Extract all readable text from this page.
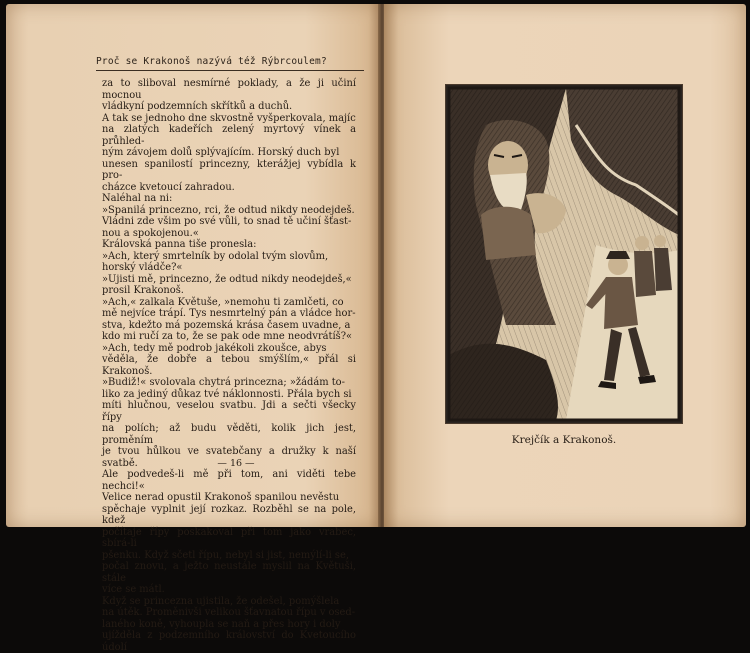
Proč se Krakonoš nazývá též Rýbrcoulem?

za to sliboval nesmírné poklady, a že ji učiní mocnou

vládkyní podzemních skřítků a duchů.

A tak se jednoho dne skvostně vyšperkovala, majíc

na zlatých kadeřích zelený myrtový vínek a průhled-

ným závojem dolů splývajícím. Horský duch byl

unesen spanilostí princezny, kterážjej vybídla k pro-

cházce kvetoucí zahradou.

Naléhal na ni:

»Spanilá princezno, rci, že odtud nikdy neodejdeš.

Vládni zde všim po své vůli, to snad tě učiní šťast-

nou a spokojenou.«

Královská panna tiše pronesla:

»Ach, který smrtelník by odolal tvým slovům,

horský vládče?«

»Ujisti mě, princezno, že odtud nikdy neodejdeš,«

prosil Krakonoš.

»Ach,« zalkala Květuše, »nemohu ti zamlčeti, co

mě nejvíce trápí. Tys nesmrtelný pán a vládce hor-

stva, kdežto má pozemská krása časem uvadne, a

kdo mi ručí za to, že se pak ode mne neodvrátíš?«

»Ach, tedy mě podrob jakékoli zkoušce, abys

věděla, že dobře a tebou smýšlím,« přál si Krakonoš.

»Budiž!« svolovala chytrá princezna; »žádám to-

liko za jediný důkaz tvé náklonnosti. Přála bych si

míti hlučnou, veselou svatbu. Jdi a sečti všecky řípy

na polích; až budu věděti, kolik jich jest, proměním

je tvou hůlkou ve svatebčany a družky k naší svatbě.

Ale podvedeš-li mě při tom, ani viděti tebe nechci!«

Velice nerad opustil Krakonoš spanilou nevěstu

spěchaje vyplnit její rozkaz. Rozběhl se na pole, kdež

počítaje řípy poskakoval při tom jako vrabec, sbírá-li

pšenku. Když sčetl řípu, nebyl si jist, nemýlí-li se,

počal znovu, a ježto neustále myslil na Květuši, stále

více se mátl.

Když se princezna ujistila, že odešel, pomýšlela

na útěk. Proměnivši velikou šťavnatou řípu v osed-

laného koně, vyhoupla se naň a přes hory i doly

ujížděla z podzemního království do Kvetoucího údolí

— 16 —
Krejčík a Krakonoš.
